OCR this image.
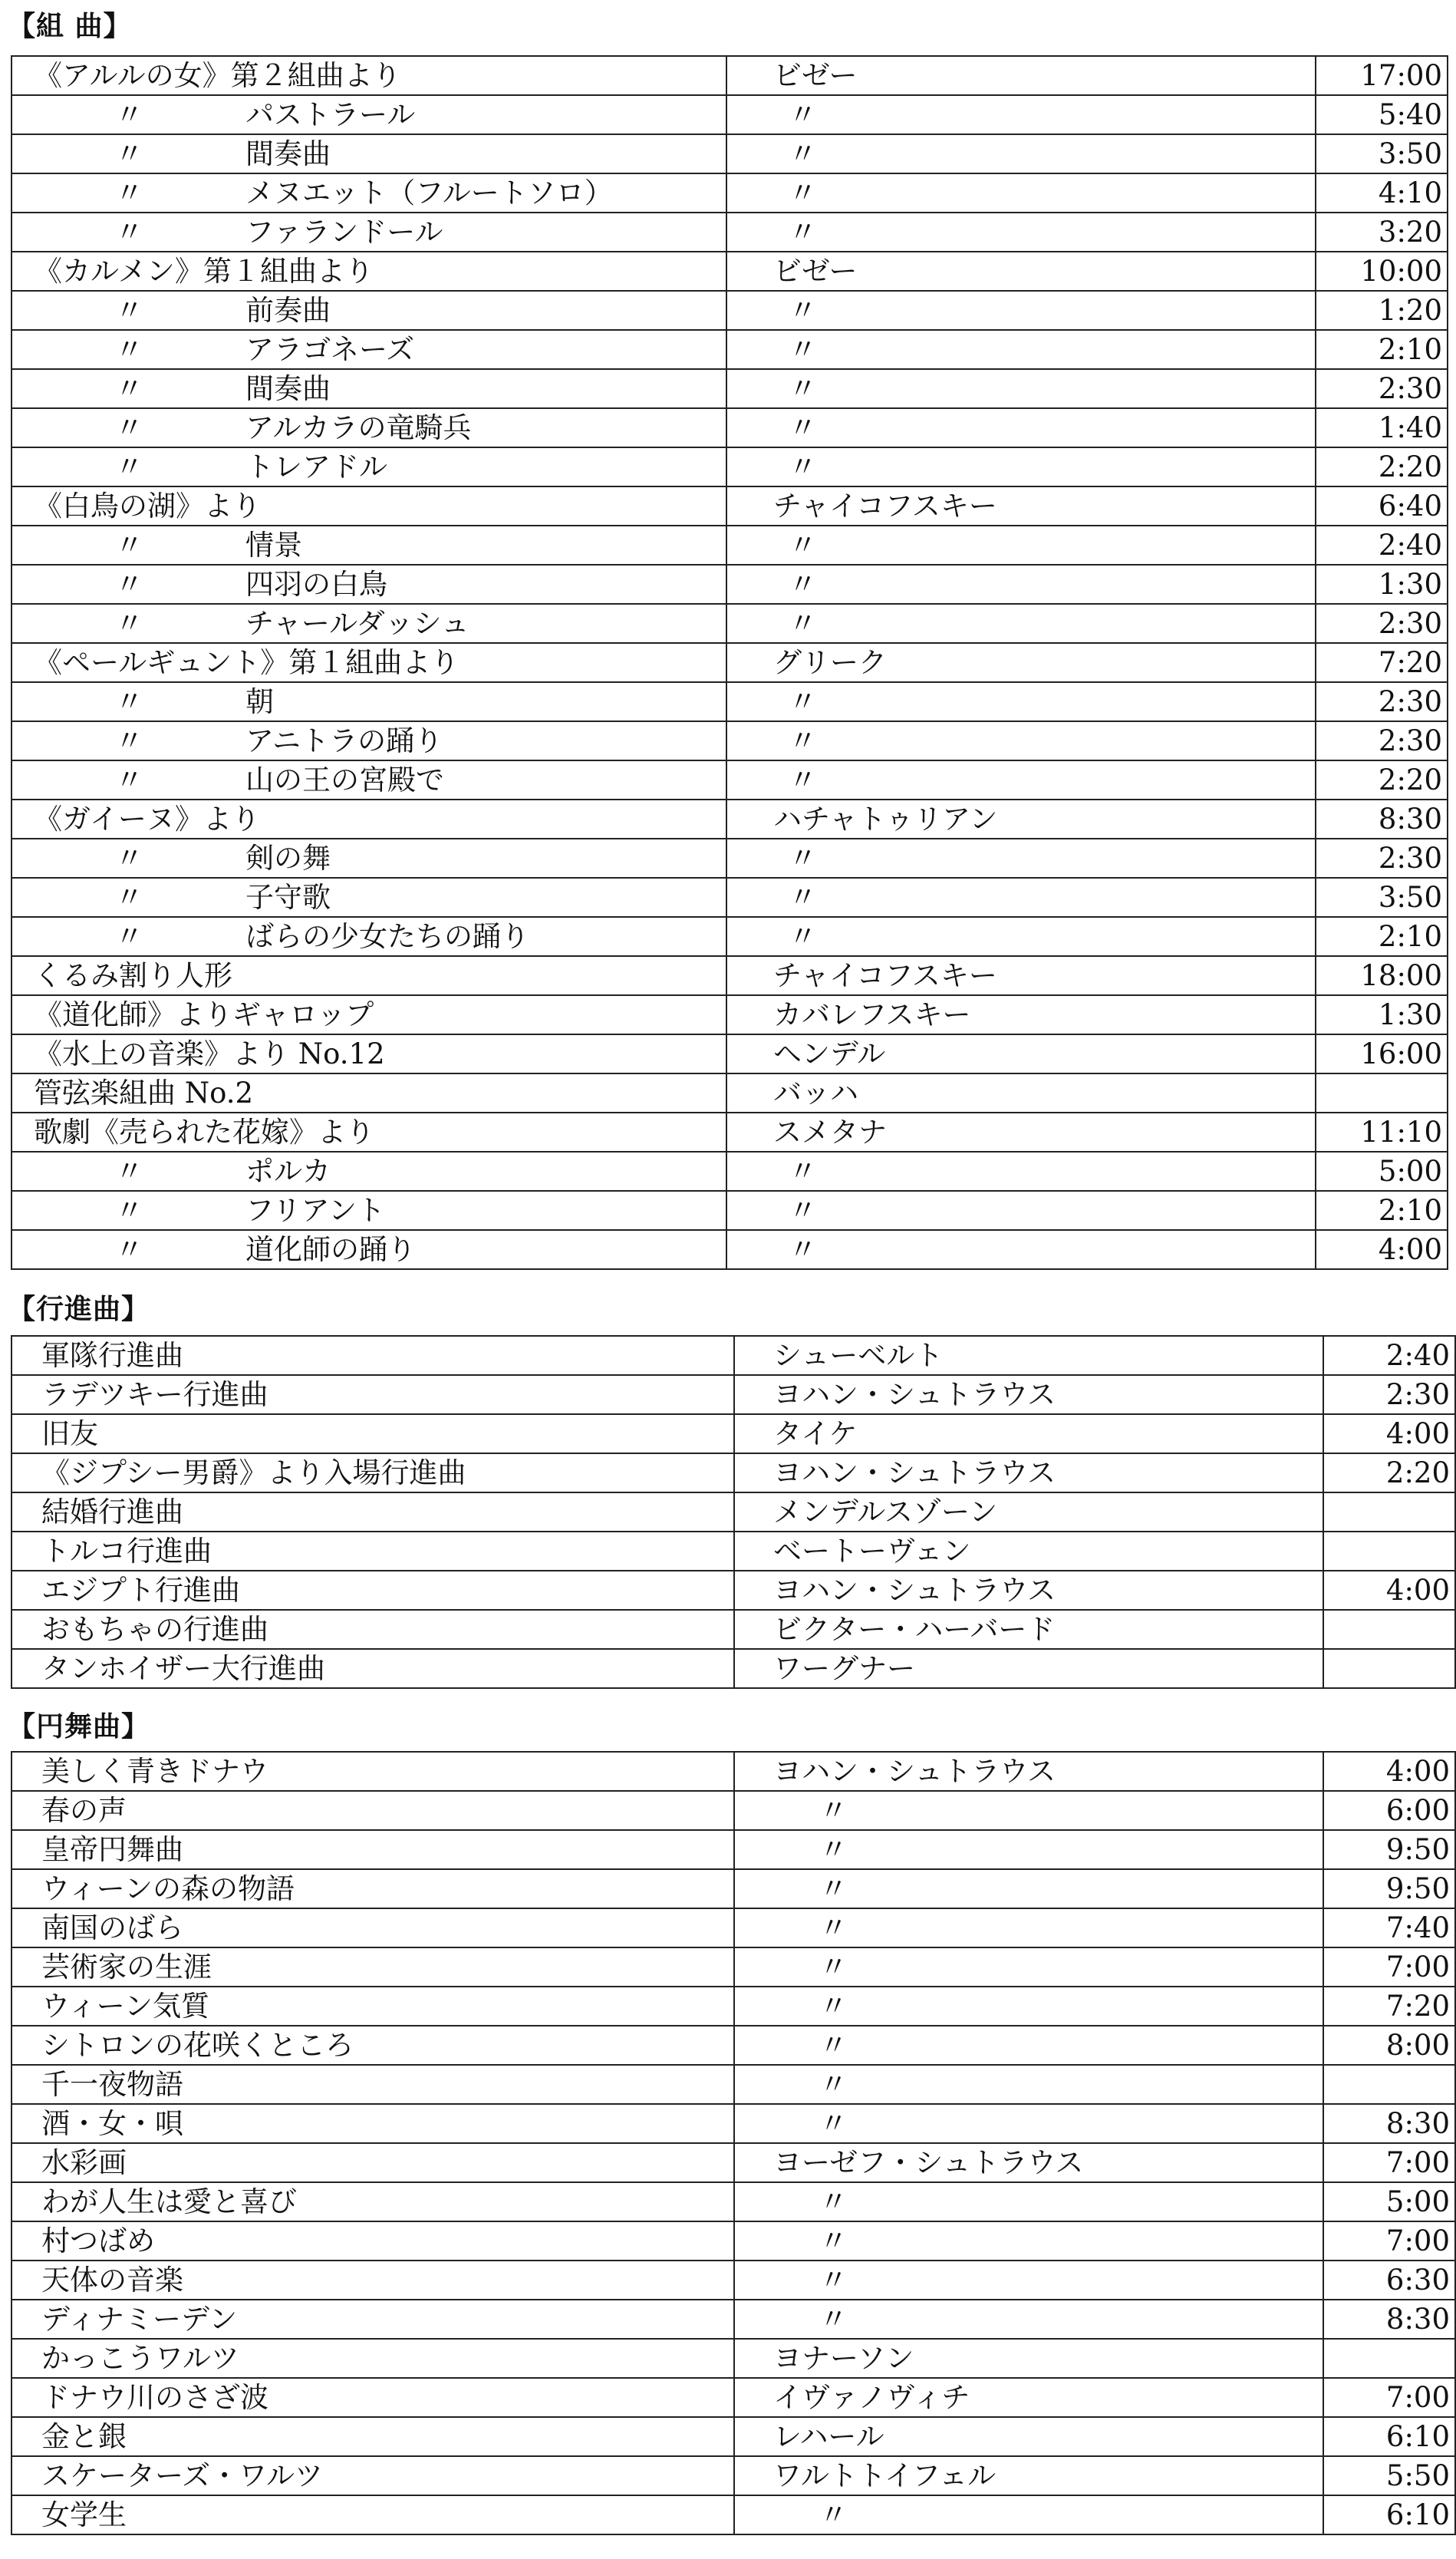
【組 曲】
《アルルの女》第２組曲より	ビゼー	17:00
〃 パストラール	〃	5:40
〃 間奏曲	〃	3:50
〃 メヌエット（フルートソロ）	〃	4:10
〃 ファランドール	〃	3:20
《カルメン》第１組曲より	ビゼー	10:00
〃 前奏曲	〃	1:20
〃 アラゴネーズ	〃	2:10
〃 間奏曲	〃	2:30
〃 アルカラの竜騎兵	〃	1:40
〃 トレアドル	〃	2:20
《白鳥の湖》より	チャイコフスキー	6:40
〃 情景	〃	2:40
〃 四羽の白鳥	〃	1:30
〃 チャールダッシュ	〃	2:30
《ペールギュント》第１組曲より	グリーク	7:20
〃 朝	〃	2:30
〃 アニトラの踊り	〃	2:30
〃 山の王の宮殿で	〃	2:20
《ガイーヌ》より	ハチャトゥリアン	8:30
〃 剣の舞	〃	2:30
〃 子守歌	〃	3:50
〃 ばらの少女たちの踊り	〃	2:10
くるみ割り人形	チャイコフスキー	18:00
《道化師》よりギャロップ	カバレフスキー	1:30
《水上の音楽》より No.12	ヘンデル	16:00
管弦楽組曲 No.2	バッハ	
歌劇《売られた花嫁》より	スメタナ	11:10
〃 ポルカ	〃	5:00
〃 フリアント	〃	2:10
〃 道化師の踊り	〃	4:00
【行進曲】
軍隊行進曲	シューベルト	2:40
ラデツキー行進曲	ヨハン・シュトラウス	2:30
旧友	タイケ	4:00
《ジプシー男爵》より入場行進曲	ヨハン・シュトラウス	2:20
結婚行進曲	メンデルスゾーン	
トルコ行進曲	ベートーヴェン	
エジプト行進曲	ヨハン・シュトラウス	4:00
おもちゃの行進曲	ビクター・ハーバード	
タンホイザー大行進曲	ワーグナー	
【円舞曲】
美しく青きドナウ	ヨハン・シュトラウス	4:00
春の声	〃	6:00
皇帝円舞曲	〃	9:50
ウィーンの森の物語	〃	9:50
南国のばら	〃	7:40
芸術家の生涯	〃	7:00
ウィーン気質	〃	7:20
シトロンの花咲くところ	〃	8:00
千一夜物語	〃	
酒・女・唄	〃	8:30
水彩画	ヨーゼフ・シュトラウス	7:00
わが人生は愛と喜び	〃	5:00
村つばめ	〃	7:00
天体の音楽	〃	6:30
ディナミーデン	〃	8:30
かっこうワルツ	ヨナーソン	
ドナウ川のさざ波	イヴァノヴィチ	7:00
金と銀	レハール	6:10
スケーターズ・ワルツ	ワルトトイフェル	5:50
女学生	〃	6:10
